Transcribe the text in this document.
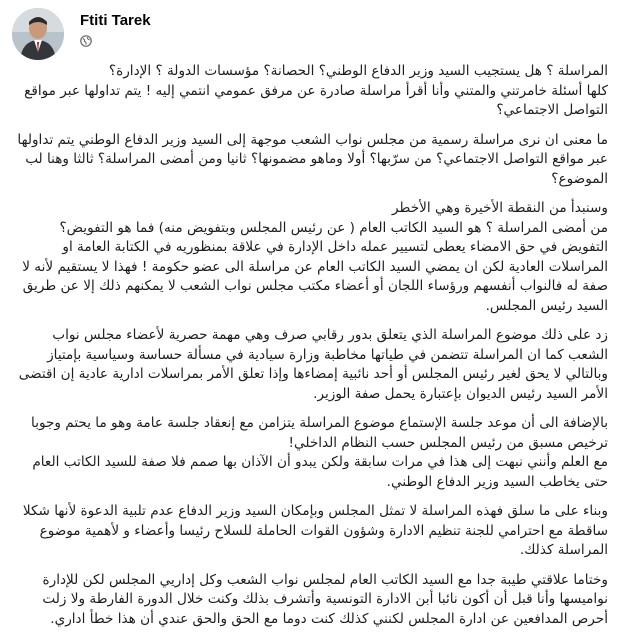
Ftiti Tarek

المراسلة ؟ هل يستجيب السيد وزير الدفاع الوطني؟ الحصانة؟ مؤسسات الدولة ؟ الإدارة؟
كلها أسئلة خامرتني والمتني وأنا أقرأ مراسلة صادرة عن مرفق عمومي انتمي إليه ! يتم تداولها عبر مواقع التواصل الاجتماعي؟

ما معنى ان نرى مراسلة رسمية من مجلس نواب الشعب موجهة إلى السيد وزير الدفاع الوطني يتم تداولها عبر مواقع التواصل الاجتماعي؟ من سرّبها؟ أولا وماهو مضمونها؟ ثانيا ومن أمضى المراسلة؟ ثالثا وهنا لب الموضوع؟

وسنبدأ من النقطة الأخيرة وهي الأخطر
من أمضى المراسلة ؟ هو السيد الكاتب العام ( عن رئيس المجلس وبتفويض منه) فما هو التفويض؟
التفويض في حق الامضاء يعطى لتسيير عمله داخل الإدارة في علاقة بمنظوريه في الكتابة العامة او المراسلات العادية لكن ان يمضي السيد الكاتب العام عن مراسلة الى عضو حكومة ! فهذا لا يستقيم لأنه لا صفة له فالنواب أنفسهم ورؤساء اللجان أو أعضاء مكتب مجلس نواب الشعب لا يمكنهم ذلك إلا عن طريق السيد رئيس المجلس.

زد على ذلك موضوع المراسلة الذي يتعلق بدور رقابي صرف وهي مهمة حصرية لأعضاء مجلس نواب الشعب كما ان المراسلة تتضمن في طياتها مخاطبة وزارة سيادية في مسألة حساسة وسياسية بإمتياز وبالتالي لا يحق لغير رئيس المجلس أو أحد نائبية إمضاءها وإذا تعلق الأمر بمراسلات ادارية عادية إن اقتضى الأمر السيد رئيس الديوان بإعتبارة يحمل صفة الوزير.

بالإضافة الى أن موعد جلسة الإستماع موضوع المراسلة يتزامن مع إنعقاد جلسة عامة وهو ما يحتم وجوبا ترخيص مسبق من رئيس المجلس حسب النظام الداخلي!
مع العلم وأنني نبهت إلى هذا في مرات سابقة ولكن يبدو أن الآذان بها صمم فلا صفة للسيد الكاتب العام حتى يخاطب السيد وزير الدفاع الوطني.

وبناء على ما سلق فهذه المراسلة لا تمثل المجلس وبإمكان السيد وزير الدفاع عدم تلبية الدعوة لأنها شكلا ساقطة مع احترامي للجنة تنظيم الادارة وشؤون القوات الحاملة للسلاح رئيسا وأعضاء و لأهمية موضوع المراسلة كذلك.

وختاما علاقتي طيبة جدا مع السيد الكاتب العام لمجلس نواب الشعب وكل إداريي المجلس لكن للإدارة نواميسها وأنا قبل أن أكون نائبا أبن الادارة التونسية وأتشرف بذلك وكنت خلال الدورة الفارطة ولا زلت أحرص المدافعين عن ادارة المجلس لكنني كذلك كنت دوما مع الحق والحق عندي أن هذا خطأ اداري.
